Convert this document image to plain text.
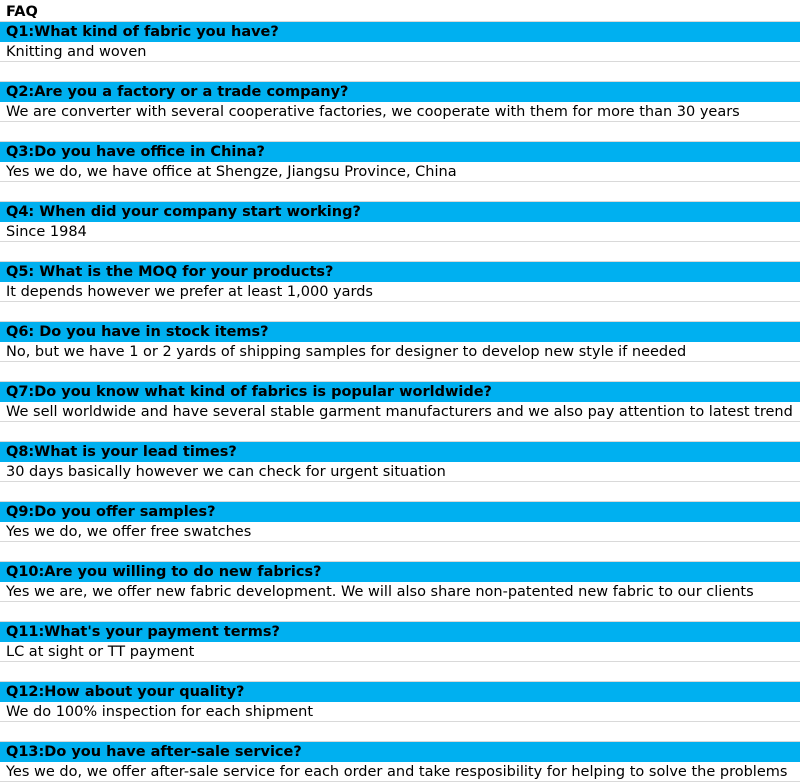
FAQ
Q1:What kind of fabric you have?
Knitting and woven
Q2:Are you a factory or a trade company?
We are converter with several cooperative factories, we cooperate with them for more than 30 years
Q3:Do you have office in China?
Yes we do, we have office at Shengze, Jiangsu Province, China
Q4: When did your company start working?
Since 1984
Q5: What is the MOQ for your products?
It depends however we prefer at least 1,000 yards
Q6: Do you have in stock items?
No, but we have 1 or 2 yards of shipping samples for designer to develop new style if needed
Q7:Do you know what kind of fabrics is popular worldwide?
We sell worldwide and have several stable garment manufacturers and we also pay attention to latest trend
Q8:What is your lead times?
30 days basically however we can check for urgent situation
Q9:Do you offer samples?
Yes we do, we offer free swatches
Q10:Are you willing to do new fabrics?
Yes we are, we offer new fabric development. We will also share non-patented new fabric to our clients
Q11:What's your payment terms?
LC at sight or TT payment
Q12:How about your quality?
We do 100% inspection for each shipment
Q13:Do you have after-sale service?
Yes we do, we offer after-sale service for each order and take resposibility for helping to solve the problems
